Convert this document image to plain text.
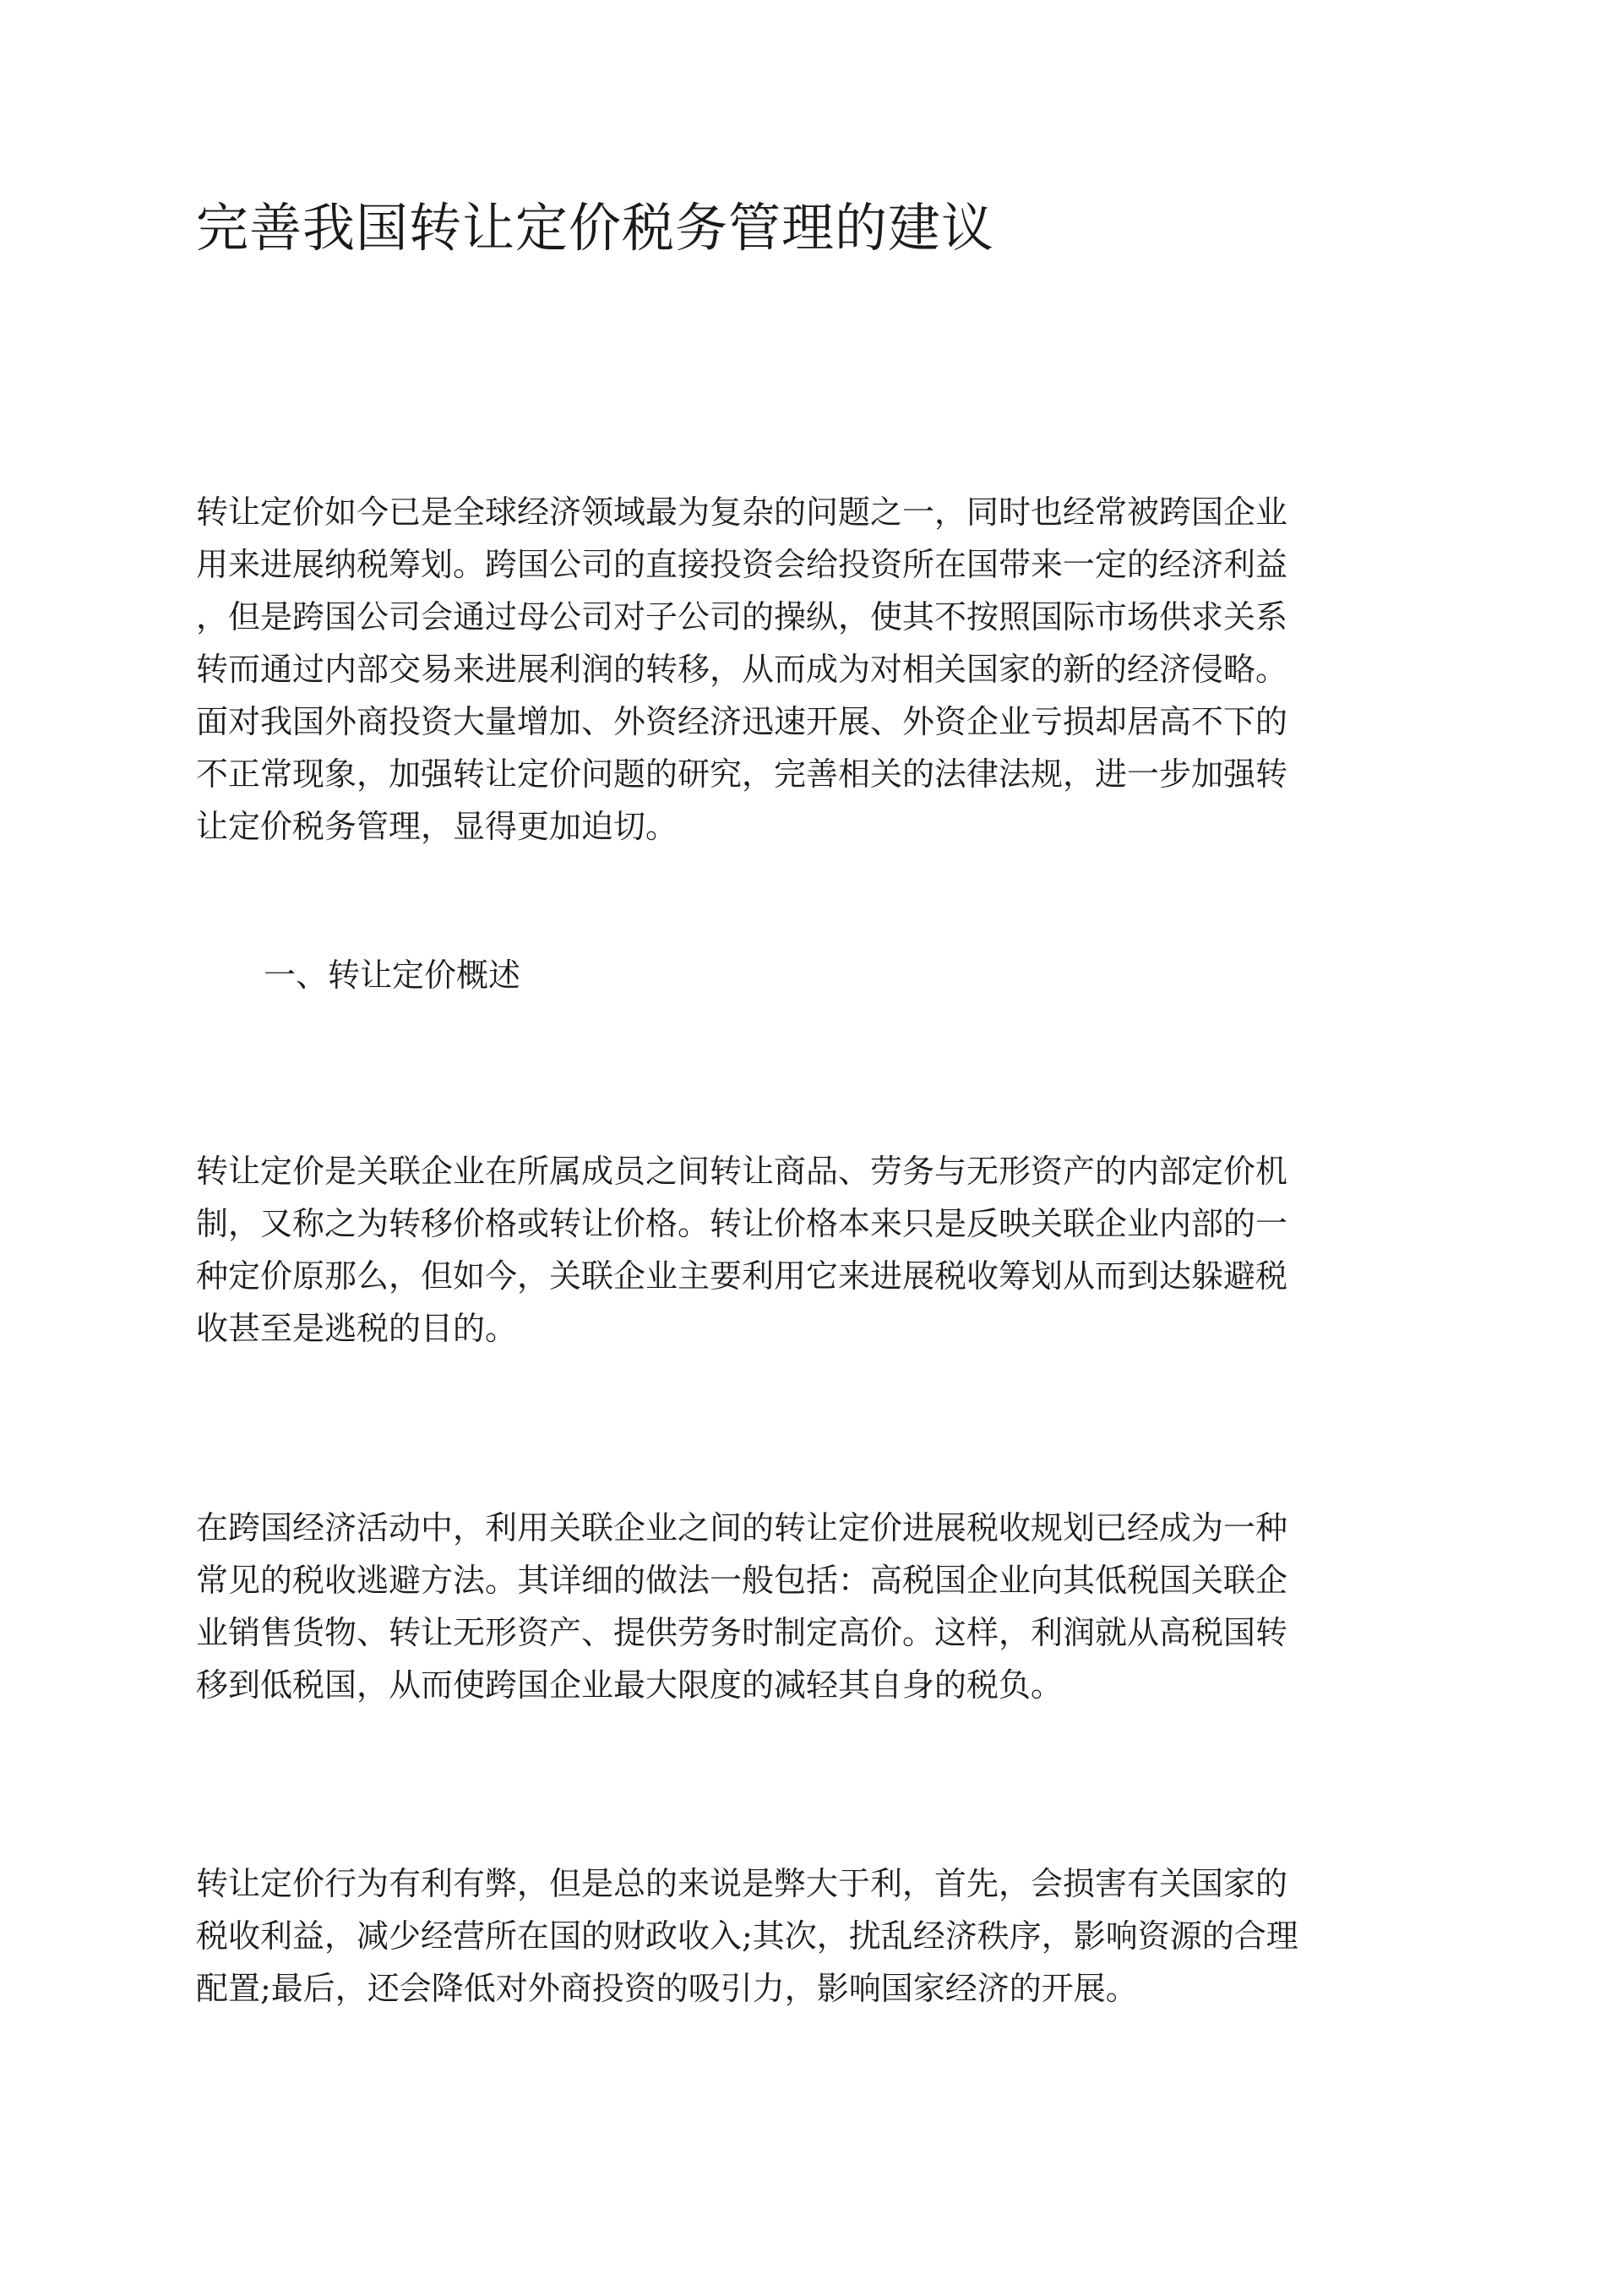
完善我国转让定价税务管理的建议
转让定价如今已是全球经济领域最为复杂的问题之一，同时也经常被跨国企业
用来进展纳税筹划。跨国公司的直接投资会给投资所在国带来一定的经济利益
，但是跨国公司会通过母公司对子公司的操纵，使其不按照国际市场供求关系
转而通过内部交易来进展利润的转移，从而成为对相关国家的新的经济侵略。
面对我国外商投资大量增加、外资经济迅速开展、外资企业亏损却居高不下的
不正常现象，加强转让定价问题的研究，完善相关的法律法规，进一步加强转
让定价税务管理，显得更加迫切。
一、转让定价概述
转让定价是关联企业在所属成员之间转让商品、劳务与无形资产的内部定价机
制，又称之为转移价格或转让价格。转让价格本来只是反映关联企业内部的一
种定价原那么，但如今，关联企业主要利用它来进展税收筹划从而到达躲避税
收甚至是逃税的目的。
在跨国经济活动中，利用关联企业之间的转让定价进展税收规划已经成为一种
常见的税收逃避方法。其详细的做法一般包括：高税国企业向其低税国关联企
业销售货物、转让无形资产、提供劳务时制定高价。这样，利润就从高税国转
移到低税国，从而使跨国企业最大限度的减轻其自身的税负。
转让定价行为有利有弊，但是总的来说是弊大于利，首先，会损害有关国家的
税收利益，减少经营所在国的财政收入;其次，扰乱经济秩序，影响资源的合理
配置;最后，还会降低对外商投资的吸引力，影响国家经济的开展。
